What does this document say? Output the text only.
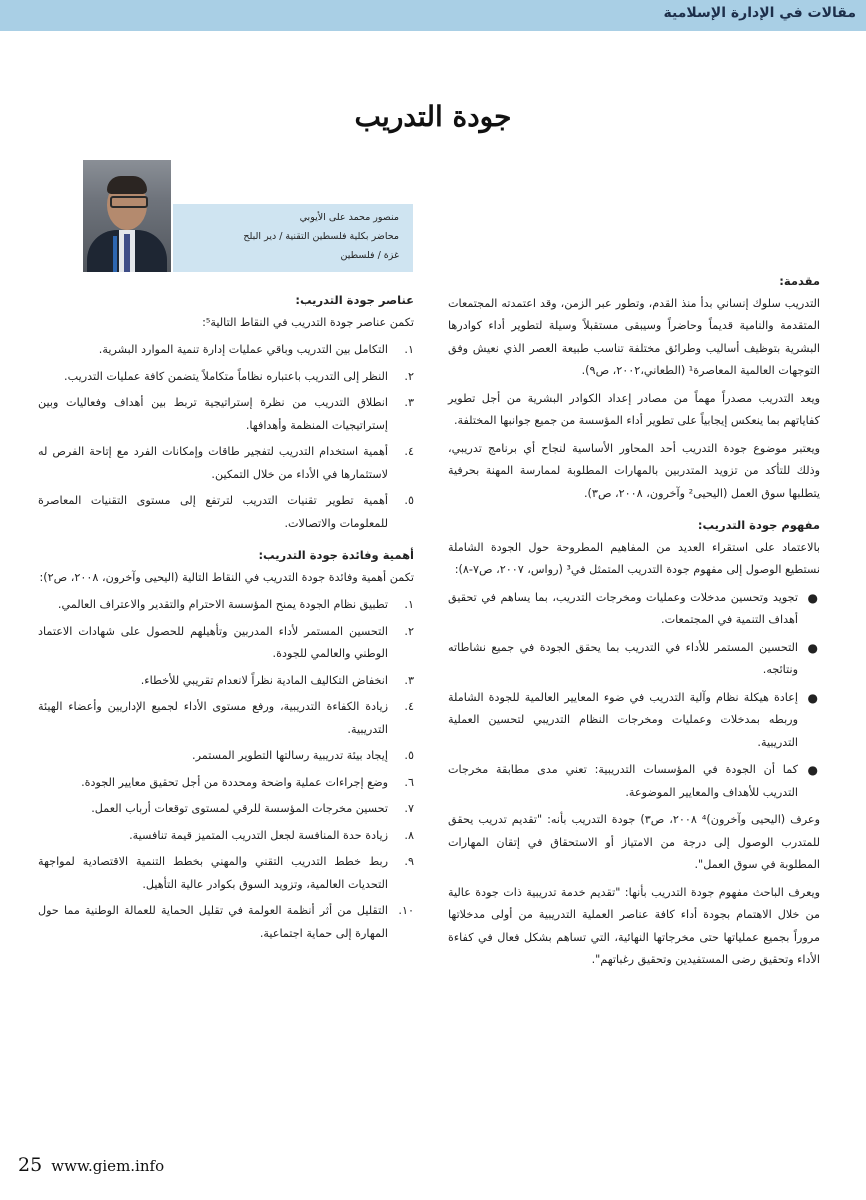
مقالات في الإدارة الإسلامية
جودة التدريب
منصور محمد على الأيوبي
محاضر بكلية فلسطين التقنية / دير البلح
غزة / فلسطين
مقدمة:

التدريب سلوك إنساني بدأ منذ القدم، وتطور عبر الزمن، وقد اعتمدته المجتمعات المتقدمة والنامية قديماً وحاضراً وسيبقى مستقبلاً وسيلة لتطوير أداء كوادرها البشرية بتوظيف أساليب وطرائق مختلفة تناسب طبيعة العصر الذي نعيش وفق التوجهات العالمية المعاصرة¹ (الطعاني،٢٠٠٢، ص٩).

ويعد التدريب مصدراً مهماً من مصادر إعداد الكوادر البشرية من أجل تطوير كفاياتهم بما ينعكس إيجابياً على تطوير أداء المؤسسة من جميع جوانبها المختلفة.

ويعتبر موضوع جودة التدريب أحد المحاور الأساسية لنجاح أي برنامج تدريبي، وذلك للتأكد من تزويد المتدربين بالمهارات المطلوبة لممارسة المهنة بحرفية يتطلبها سوق العمل (اليحيى² وآخرون، ٢٠٠٨، ص٣).

مفهوم جودة التدريب:

بالاعتماد على استقراء العديد من المفاهيم المطروحة حول الجودة الشاملة نستطيع الوصول إلى مفهوم جودة التدريب المتمثل في³ (رواس، ٢٠٠٧، ص٧-٨):

●
تجويد وتحسين مدخلات وعمليات ومخرجات التدريب، بما يساهم في تحقيق أهداف التنمية في المجتمعات.
●
التحسين المستمر للأداء في التدريب بما يحقق الجودة في جميع نشاطاته ونتائجه.
●
إعادة هيكلة نظام وآلية التدريب في ضوء المعايير العالمية للجودة الشاملة وربطه بمدخلات وعمليات ومخرجات النظام التدريبي لتحسين العملية التدريبية.
●
كما أن الجودة في المؤسسات التدريبية: تعني مدى مطابقة مخرجات التدريب للأهداف والمعايير الموضوعة.

وعرف (اليحيى وآخرون)⁴ ٢٠٠٨، ص٣) جودة التدريب بأنه: "تقديم تدريب يحقق للمتدرب الوصول إلى درجة من الامتياز أو الاستحقاق في إتقان المهارات المطلوبة في سوق العمل".

ويعرف الباحث مفهوم جودة التدريب بأنها: "تقديم خدمة تدريبية ذات جودة عالية من خلال الاهتمام بجودة أداء كافة عناصر العملية التدريبية من أولى مدخلاتها مروراً بجميع عملياتها حتى مخرجاتها النهائية، التي تساهم بشكل فعال في كفاءة الأداء وتحقيق رضى المستفيدين وتحقيق رغباتهم".

عناصر جودة التدريب:

تكمن عناصر جودة التدريب في النقاط التالية⁵:

١.
التكامل بين التدريب وباقي عمليات إدارة تنمية الموارد البشرية.
٢.
النظر إلى التدريب باعتباره نظاماً متكاملاً يتضمن كافة عمليات التدريب.
٣.
انطلاق التدريب من نظرة إستراتيجية تربط بين أهداف وفعاليات وبين إستراتيجيات المنظمة وأهدافها.
٤.
أهمية استخدام التدريب لتفجير طاقات وإمكانات الفرد مع إتاحة الفرص له لاستثمارها في الأداء من خلال التمكين.
٥.
أهمية تطوير تقنيات التدريب لترتفع إلى مستوى التقنيات المعاصرة للمعلومات والاتصالات.
أهمية وفائدة جودة التدريب:

تكمن أهمية وفائدة جودة التدريب في النقاط التالية (اليحيى وآخرون، ٢٠٠٨، ص٢):

١.
تطبيق نظام الجودة يمنح المؤسسة الاحترام والتقدير والاعتراف العالمي.
٢.
التحسين المستمر لأداء المدربين وتأهيلهم للحصول على شهادات الاعتماد الوطني والعالمي للجودة.
٣.
انخفاض التكاليف المادية نظراً لانعدام تقريبي للأخطاء.
٤.
زيادة الكفاءة التدريبية، ورفع مستوى الأداء لجميع الإداريين وأعضاء الهيئة التدريبية.
٥.
إيجاد بيئة تدريبية رسالتها التطوير المستمر.
٦.
وضع إجراءات عملية واضحة ومحددة من أجل تحقيق معايير الجودة.
٧.
تحسين مخرجات المؤسسة للرقي لمستوى توقعات أرباب العمل.
٨.
زيادة حدة المنافسة لجعل التدريب المتميز قيمة تنافسية.
٩.
ربط خطط التدريب التقني والمهني بخطط التنمية الاقتصادية لمواجهة التحديات العالمية، وتزويد السوق بكوادر عالية التأهيل.
١٠.
التقليل من أثر أنظمة العولمة في تقليل الحماية للعمالة الوطنية مما حول المهارة إلى حماية اجتماعية.
25 www.giem.info
